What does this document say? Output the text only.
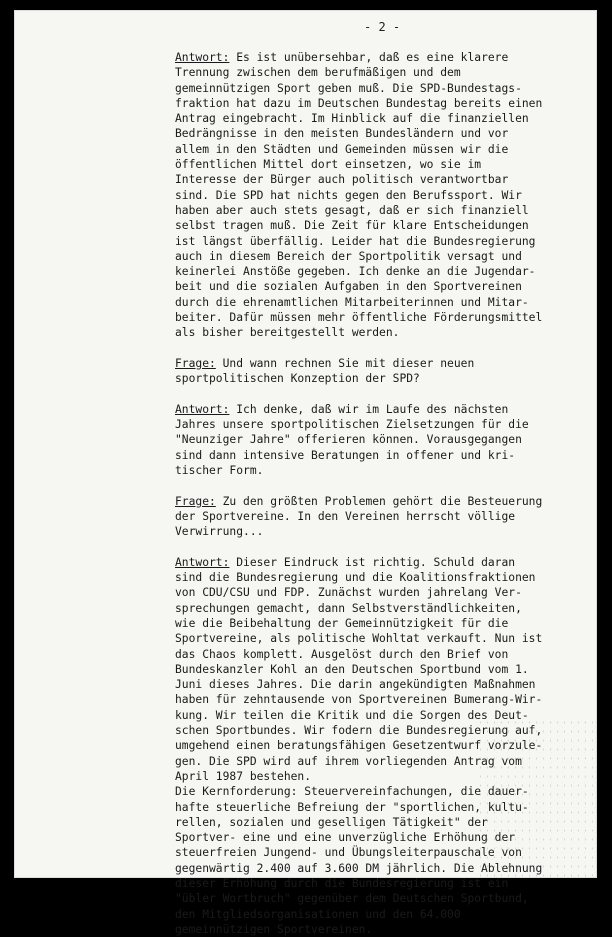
- 2 -
Antwort: Es ist unübersehbar, daß es eine klarere
Trennung zwischen dem berufmäßigen und dem
gemeinnützigen Sport geben muß. Die SPD-Bundestags-
fraktion hat dazu im Deutschen Bundestag bereits einen
Antrag eingebracht. Im Hinblick auf die finanziellen
Bedrängnisse in den meisten Bundesländern und vor
allem in den Städten und Gemeinden müssen wir die
öffentlichen Mittel dort einsetzen, wo sie im
Interesse der Bürger auch politisch verantwortbar
sind. Die SPD hat nichts gegen den Berufssport. Wir
haben aber auch stets gesagt, daß er sich finanziell
selbst tragen muß. Die Zeit für klare Entscheidungen
ist längst überfällig. Leider hat die Bundesregierung
auch in diesem Bereich der Sportpolitik versagt und
keinerlei Anstöße gegeben. Ich denke an die Jugendar-
beit und die sozialen Aufgaben in den Sportvereinen
durch die ehrenamtlichen Mitarbeiterinnen und Mitar-
beiter. Dafür müssen mehr öffentliche Förderungsmittel
als bisher bereitgestellt werden.
Frage: Und wann rechnen Sie mit dieser neuen
sportpolitischen Konzeption der SPD?
Antwort: Ich denke, daß wir im Laufe des nächsten
Jahres unsere sportpolitischen Zielsetzungen für die
"Neunziger Jahre" offerieren können. Vorausgegangen
sind dann intensive Beratungen in offener und kri-
tischer Form.
Frage: Zu den größten Problemen gehört die Besteuerung
der Sportvereine. In den Vereinen herrscht völlige
Verwirrung...
Antwort: Dieser Eindruck ist richtig. Schuld daran
sind die Bundesregierung und die Koalitionsfraktionen
von CDU/CSU und FDP. Zunächst wurden jahrelang Ver-
sprechungen gemacht, dann Selbstverständlichkeiten,
wie die Beibehaltung der Gemeinnützigkeit für die
Sportvereine, als politische Wohltat verkauft. Nun ist
das Chaos komplett. Ausgelöst durch den Brief von
Bundeskanzler Kohl an den Deutschen Sportbund vom 1.
Juni dieses Jahres. Die darin angekündigten Maßnahmen
haben für zehntausende von Sportvereinen Bumerang-Wir-
kung. Wir teilen die Kritik und die Sorgen des Deut-
schen Sportbundes. Wir fodern die Bundesregierung auf,
umgehend einen beratungsfähigen Gesetzentwurf vorzule-
gen. Die SPD wird auf ihrem vorliegenden Antrag vom
April 1987 bestehen.
Die Kernforderung: Steuervereinfachungen, die dauer-
hafte steuerliche Befreiung der "sportlichen, kultu-
rellen, sozialen und geselligen Tätigkeit" der
Sportver- eine und eine unverzügliche Erhöhung der
steuerfreien Jungend- und Übungsleiterpauschale von
gegenwärtig 2.400 auf 3.600 DM jährlich. Die Ablehnung
dieser Erhöhung durch die Bundesregierung ist ein
"übler Wortbruch" gegenüber dem Deutschen Sportbund,
den Mitgliedsorganisationen und den 64.000
gemeinnützigen Sportvereinen.
